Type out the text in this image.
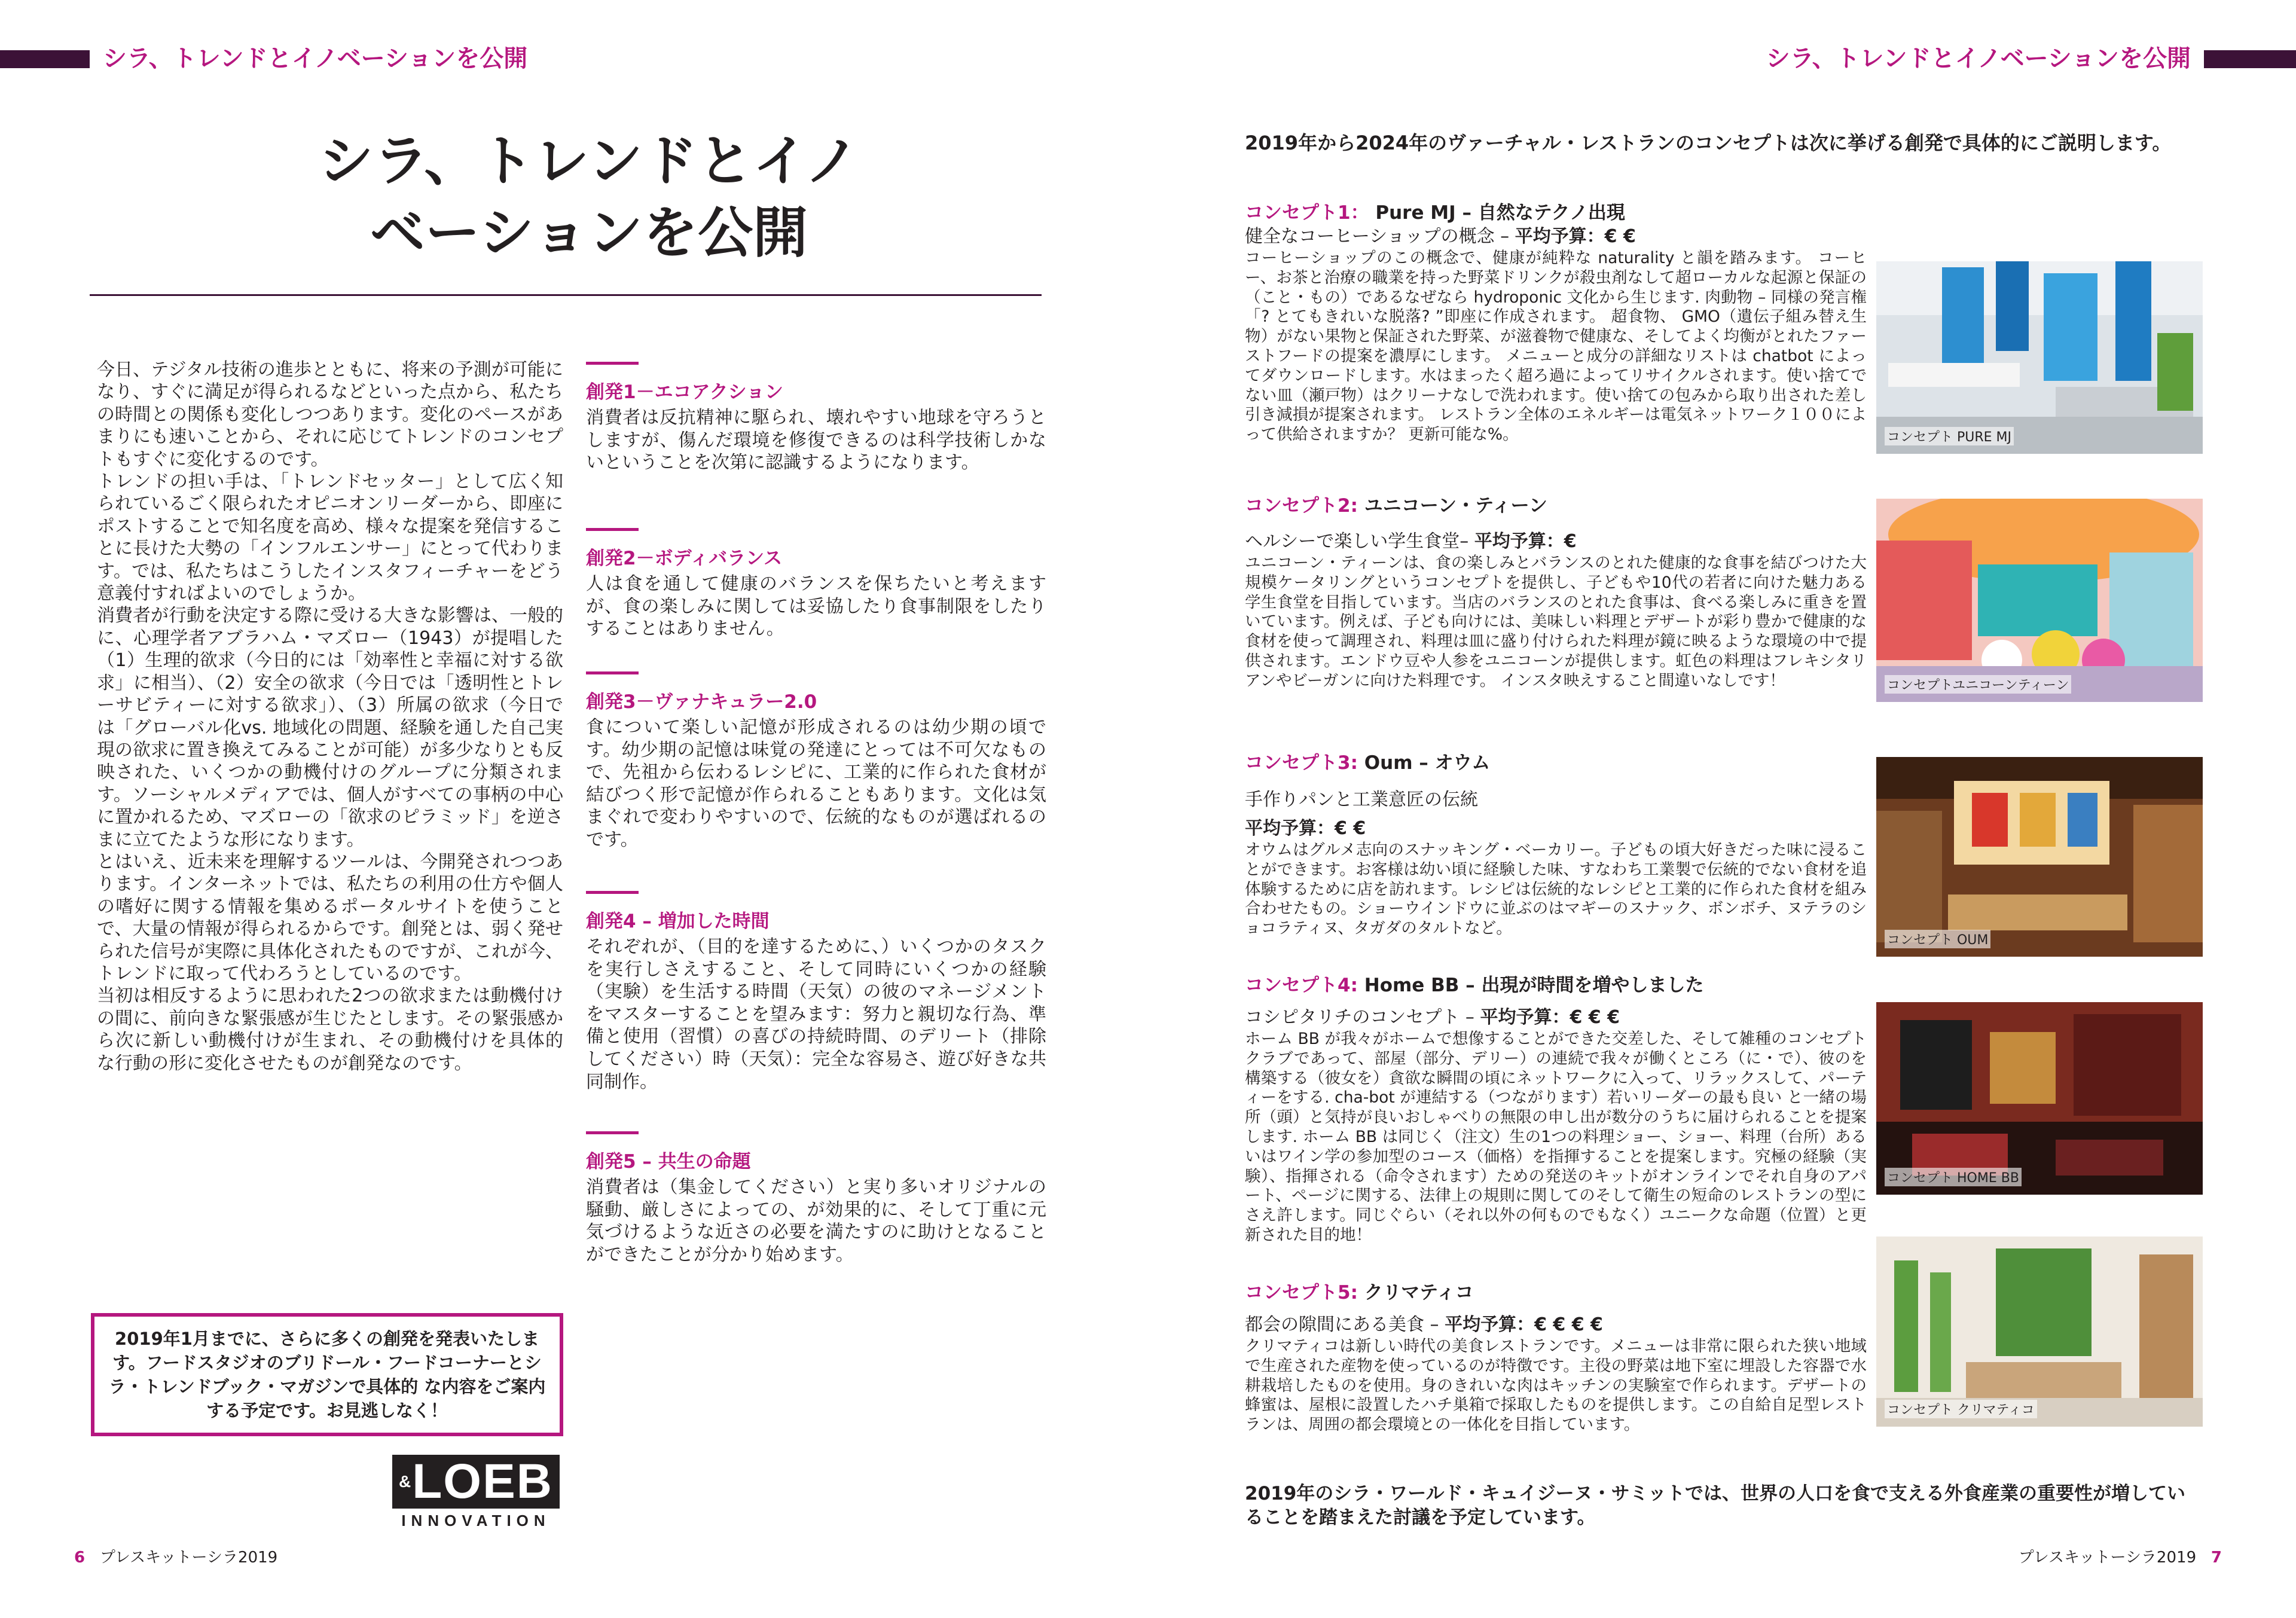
シラ、トレンドとイノベーションを公開	シラ、トレンドとイノベーションを公開
シラ、トレンドとイノ
ベーションを公開

今日、テジタル技術の進歩とともに、将来の予測が可能になり、すぐに満足が得られるなどといった点から、私たちの時間との関係も変化しつつあります。変化のペースがあまりにも速いことから、それに応じてトレンドのコンセプトもすぐに変化するのです。

トレンドの担い手は、「トレンドセッター」として広く知られているごく限られたオピニオンリーダーから、即座にポストすることで知名度を高め、様々な提案を発信することに長けた大勢の「インフルエンサー」にとって代わります。では、私たちはこうしたインスタフィーチャーをどう意義付すればよいのでしょうか。

消費者が行動を決定する際に受ける大きな影響は、一般的に、心理学者アブラハム・マズロー（1943）が提唱した（1）生理的欲求（今日的には「効率性と幸福に対する欲求」に相当）、（2）安全の欲求（今日では「透明性とトレーサビティーに対する欲求」）、（3）所属の欲求（今日では「グローバル化vs. 地域化の問題、経験を通した自己実現の欲求に置き換えてみることが可能）が多少なりとも反映された、いくつかの動機付けのグループに分類されます。ソーシャルメディアでは、個人がすべての事柄の中心に置かれるため、マズローの「欲求のピラミッド」を逆さまに立てたような形になります。

とはいえ、近未来を理解するツールは、今開発されつつあります。インターネットでは、私たちの利用の仕方や個人の嗜好に関する情報を集めるポータルサイトを使うことで、大量の情報が得られるからです。創発とは、弱く発せられた信号が実際に具体化されたものですが、これが今、トレンドに取って代わろうとしているのです。

当初は相反するように思われた2つの欲求または動機付けの間に、前向きな緊張感が生じたとします。その緊張感から次に新しい動機付けが生まれ、その動機付けを具体的な行動の形に変化させたものが創発なのです。

創発1－エコアクション
消費者は反抗精神に駆られ、壊れやすい地球を守ろうとしますが、傷んだ環境を修復できるのは科学技術しかないということを次第に認識するようになります。
創発2－ボディバランス
人は食を通して健康のバランスを保ちたいと考えますが、食の楽しみに関しては妥協したり食事制限をしたりすることはありません。
創発3－ヴァナキュラー2.0
食について楽しい記憶が形成されるのは幼少期の頃です。幼少期の記憶は味覚の発達にとっては不可欠なもので、先祖から伝わるレシピに、工業的に作られた食材が結びつく形で記憶が作られることもあります。文化は気まぐれで変わりやすいので、伝統的なものが選ばれるのです。
創発4 – 増加した時間
それぞれが、（目的を達するために、）いくつかのタスクを実行しさえすること、そして同時にいくつかの経験（実験）を生活する時間（天気）の彼のマネージメントをマスターすることを望みます：努力と親切な行為、準備と使用（習慣）の喜びの持続時間、のデリート（排除してください）時（天気）：完全な容易さ、遊び好きな共同制作。
創発5 – 共生の命題
消費者は（集金してください）と実り多いオリジナルの騒動、厳しさによっての、が効果的に、そして丁重に元気づけるような近さの必要を満たすのに助けとなることができたことが分かり始めます。
2019年1月までに、さらに多くの創発を発表いたします。フードスタジオのブリドール・フードコーナーとシラ・トレンドブック・マガジンで具体的 な内容をご案内する予定です。お見逃しなく！
&LOEB
INNOVATION
6 プレスキットーシラ2019
2019年から2024年のヴァーチャル・レストランのコンセプトは次に挙げる創発で具体的にご説明します。
コンセプト1： Pure MJ – 自然なテクノ出現
健全なコーヒーショップの概念 – 平均予算：€ €
コーヒーショップのこの概念で、健康が純粋な naturality と韻を踏みます。 コーヒー、お茶と治療の職業を持った野菜ドリンクが殺虫剤なして超ローカルな起源と保証の（こと・もの）であるなぜなら hydroponic 文化から生じます. 肉動物 – 同様の発言権「? とてもきれいな脱落? ”即座に作成されます。 超食物、 GMO（遺伝子組み替え生物）がない果物と保証された野菜、が滋養物で健康な、そしてよく均衡がとれたファーストフードの提案を濃厚にします。 メニューと成分の詳細なリストは chatbot によってダウンロードします。水はまったく超ろ過によってリサイクルされます。使い捨てでない皿（瀬戸物）はクリーナなしで洗われます。使い捨ての包みから取り出された差し引き減損が提案されます。 レストラン全体のエネルギーは電気ネットワーク１００によって供給されますか？ 更新可能な%。	コンセプト PURE MJ
コンセプト2: ユニコーン・ティーン
ヘルシーで楽しい学生食堂– 平均予算：€
ユニコーン・ティーンは、食の楽しみとバランスのとれた健康的な食事を結びつけた大規模ケータリングというコンセプトを提供し、子どもや10代の若者に向けた魅力ある学生食堂を目指しています。当店のバランスのとれた食事は、食べる楽しみに重きを置いています。例えば、子ども向けには、美味しい料理とデザートが彩り豊かで健康的な食材を使って調理され、料理は皿に盛り付けられた料理が鏡に映るような環境の中で提供されます。エンドウ豆や人参をユニコーンが提供します。虹色の料理はフレキシタリアンやビーガンに向けた料理です。 インスタ映えすること間違いなしです！	コンセプトユニコーンティーン
コンセプト3: Oum – オウム
手作りパンと工業意匠の伝統
平均予算：€ €
オウムはグルメ志向のスナッキング・ベーカリー。子どもの頃大好きだった味に浸ることができます。お客様は幼い頃に経験した味、すなわち工業製で伝統的でない食材を追体験するために店を訪れます。レシピは伝統的なレシピと工業的に作られた食材を組み合わせたもの。ショーウインドウに並ぶのはマギーのスナック、ボンボチ、ヌテラのショコラティヌ、タガダのタルトなど。
コンセプト OUM
コンセプト4: Home BB – 出現が時間を増やしました
コシピタリチのコンセプト – 平均予算：€ € €
ホーム BB が我々がホームで想像することができた交差した、そして雑種のコンセプトクラブであって、部屋（部分、デリー）の連続で我々が働くところ（に・で）、彼のを構築する（彼女を）貪欲な瞬間の頃にネットワークに入って、リラックスして、パーティーをする. cha-bot が連結する（つながります）若いリーダーの最も良い と一緒の場所（頭）と気持が良いおしゃべりの無限の申し出が数分のうちに届けられることを提案します. ホーム BB は同じく（注文）生の1つの料理ショー、ショー、料理（台所）あるいはワイン学の参加型のコース（価格）を指揮することを提案します。究極の経験（実験）、指揮される（命令されます）ための発送のキットがオンラインでそれ自身のアパート、ページに関する、法律上の規則に関してのそして衛生の短命のレストランの型にさえ許します。同じぐらい（それ以外の何ものでもなく）ユニークな命題（位置）と更新された目的地！
コンセプト HOME BB
コンセプト5: クリマティコ
都会の隙間にある美食 – 平均予算：€ € € €
クリマティコは新しい時代の美食レストランです。メニューは非常に限られた狭い地域で生産された産物を使っているのが特徴です。主役の野菜は地下室に埋設した容器で水耕栽培したものを使用。身のきれいな肉はキッチンの実験室で作られます。デザートの蜂蜜は、屋根に設置したハチ巣箱で採取したものを提供します。この自給自足型レストランは、周囲の都会環境との一体化を目指しています。
コンセプト クリマティコ
2019年のシラ・ワールド・キュイジーヌ・サミットでは、世界の人口を食で支える外食産業の重要性が増していることを踏まえた討議を予定しています。
プレスキットーシラ2019 7
